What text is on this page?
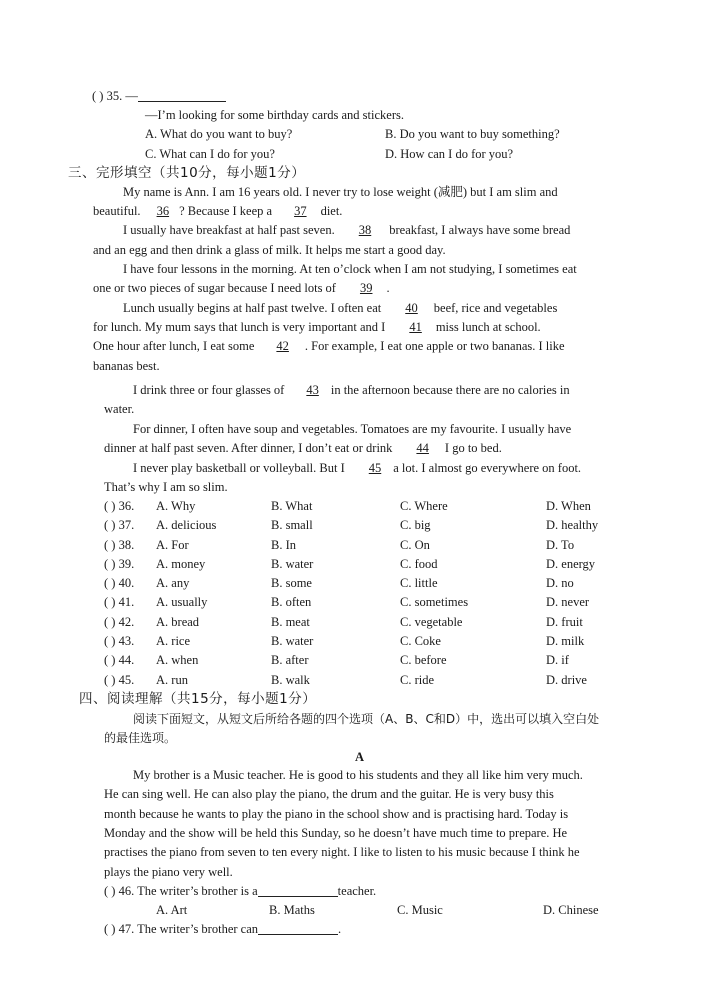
( ) 35. —
—I’m looking for some birthday cards and stickers.
A. What do you want to buy?	B. Do you want to buy something?
C. What can I do for you?	D. How can I do for you?
三、完形填空（共10分，每小题1分）
My name is Ann. I am 16 years old. I never try to lose weight (减肥) but I am slim and
beautiful. 36 ? Because I keep a 37 diet.
I usually have breakfast at half past seven. 38 breakfast, I always have some bread
and an egg and then drink a glass of milk. It helps me start a good day.
I have four lessons in the morning. At ten o’clock when I am not studying, I sometimes eat
one or two pieces of sugar because I need lots of 39 .
Lunch usually begins at half past twelve. I often eat 40 beef, rice and vegetables
for lunch. My mum says that lunch is very important and I 41 miss lunch at school.
One hour after lunch, I eat some 42 . For example, I eat one apple or two bananas. I like
bananas best.
I drink three or four glasses of 43 in the afternoon because there are no calories in
water.
For dinner, I often have soup and vegetables. Tomatoes are my favourite. I usually have
dinner at half past seven. After dinner, I don’t eat or drink 44 I go to bed.
I never play basketball or volleyball. But I 45 a lot. I almost go everywhere on foot.
That’s why I am so slim.
( ) 36.	A. Why	B. What	C. Where	D. When
( ) 37.	A. delicious	B. small	C. big	D. healthy
( ) 38.	A. For	B. In	C. On	D. To
( ) 39.	A. money	B. water	C. food	D. energy
( ) 40.	A. any	B. some	C. little	D. no
( ) 41.	A. usually	B. often	C. sometimes	D. never
( ) 42.	A. bread	B. meat	C. vegetable	D. fruit
( ) 43.	A. rice	B. water	C. Coke	D. milk
( ) 44.	A. when	B. after	C. before	D. if
( ) 45.	A. run	B. walk	C. ride	D. drive
四、阅读理解（共15分，每小题1分）
阅读下面短文，从短文后所给各题的四个选项（A、B、C和D）中，选出可以填入空白处
的最佳选项。
A
My brother is a Music teacher. He is good to his students and they all like him very much.
He can sing well. He can also play the piano, the drum and the guitar. He is very busy this
month because he wants to play the piano in the school show and is practising hard. Today is
Monday and the show will be held this Sunday, so he doesn’t have much time to prepare. He
practises the piano from seven to ten every night. I like to listen to his music because I think he
plays the piano very well.
( ) 46. The writer’s brother is a	teacher.
A. Art	B. Maths	C. Music	D. Chinese
( ) 47. The writer’s brother can	.
